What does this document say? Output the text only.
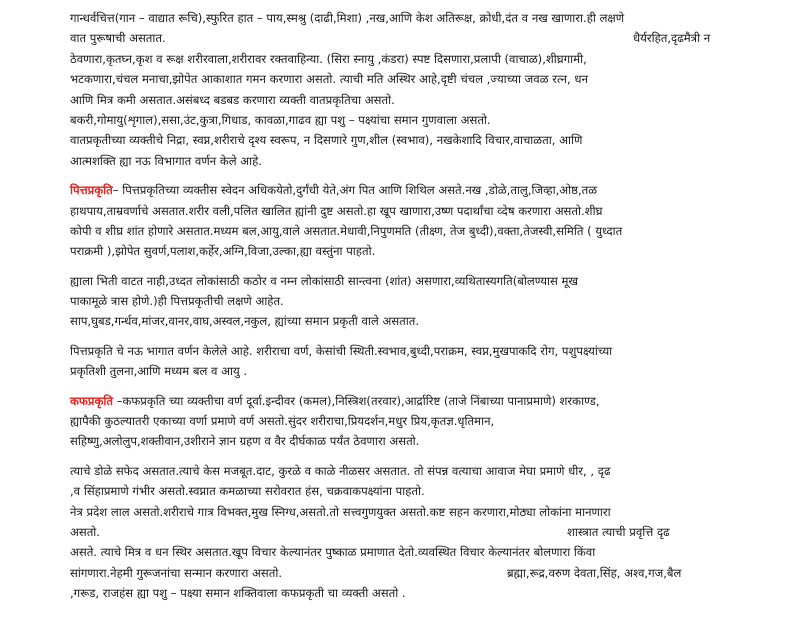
गान्धर्वचित्त(गान – वाद्यात रूचि),स्फुरित हात – पाय,स्मश्रु (दाढी,मिशा) ,नख,आणि केश अतिरूक्ष, क्रोधी,दंत व नख खाणारा.ही लक्षणे
वात पुरूषाची असतात.	धैर्यरहित,दृढमैत्री न
ठेवणारा,कृतघ्न,कृश व रूक्ष शरीरवाला,शरीरावर रक्तवाहिन्या. (सिरा स्नायु ,कंडरा) स्पष्ट दिसणारा,प्रलापी (वाचाळ),शीघ्रगामी,
भटकणारा,चंचल मनाचा,झोपेत आकाशात गमन करणारा असतो. त्याची मति अस्थिर आहे,दृष्टी चंचल ,ज्याच्या जवळ रत्न, धन
आणि मित्र कमी असतात.असंबध्द बडबड करणारा व्यक्ती वातप्रकृतिचा असतो.
बकरी,गोमायु(शृगाल),ससा,उंट,कुत्रा,गिधाड, कावळा,गाढव ह्या पशु – पक्ष्यांचा समान गुणवाला असतो.
वातप्रकृतीच्या व्यक्तीचे निद्रा, स्वप्न,शरीराचे दृश्य स्वरूप, न दिसणारे गुण,शील (स्वभाव), नखकेशादि विचार,वाचाळता, आणि
आत्मशक्ति ह्या नऊ विभागात वर्णन केले आहे.
पित्तप्रकृति– पित्तप्रकृतिच्या व्यक्तीस स्वेदन अधिकयेतो,दुर्गंधी येते,अंग पित आणि शिथिल असते.नख ,डोळे,तालु,जिव्हा,ओष्ठ,तळ
हाथपाय,ताम्रवर्णाचे असतात.शरीर वली,पलित खालित ह्यांनी दुष्ट असतो.हा खूप खाणारा,उष्ण पदार्थांचा व्देष करणारा असतो.शीघ्र
कोपी व शीघ्र शांत होणारे असतात.मध्यम बल,आयु,वाले असतात.मेधावी,निपुणमति (तीक्ष्ण, तेज बुध्दी),वक्ता,तेजस्वी,समिति ( युध्दात
पराक्रमी ),झोपेत सुवर्ण,पलाश,कर्हेर,अग्नि,विजा,उल्का,ह्या वस्तुंना पाहतो.
ह्याला भिती वाटत नाही,उध्दत लोकांसाठी कठोर व नम्न लोकांसाठी सान्त्वना (शांत) असणारा,व्यथितास्यगति(बोलण्यास मूख
पाकामूळे त्रास होणे.)ही पित्तप्रकृतीची लक्षणे आहेत.
साप,घुबड,गर्न्धव,मांजर,वानर,वाघ,अस्वल,नकुल, ह्यांच्या समान प्रकृती वाले असतात.
पित्तप्रकृति चे नऊ भागात वर्णन केलेले आहे. शरीराचा वर्ण, केसांची स्थिती.स्वभाव,बुध्दी,पराक्रम, स्वप्न,मुखपाकदि रोग, पशुपक्ष्यांच्या
प्रकृतिशी तुलना,आणि मध्यम बल व आयु .
कफप्रकृति –कफप्रकृति च्या व्यक्तीचा वर्ण दूर्वा.इन्दीवर (कमल),निस्त्रिश(तरवार),आर्द्रारिष्ट (ताजे निंबाच्या पानाप्रमाणे) शरकाण्ड,
ह्यापैकी कुठल्यातरी एकाच्या वर्णा प्रमाणे वर्ण असतो.सुंदर शरीराचा,प्रियदर्शन,मधुर प्रिय,कृतज्ञ.धृतिमान,
सहिष्णु,अलोलुप,शक्तीवान,उशीराने ज्ञान ग्रहण व वैर दीर्घकाळ पर्यंत ठेवणारा असतो.
त्याचे डोळे सफेद असतात.त्याचे केस मजबूत.दाट, कुरळे व काळे नीळसर असतात. तो संपन्न वत्याचा आवाज मेघा प्रमाणे धीर, , दृढ
,व सिंहाप्रमाणे गंभीर असतो.स्वप्नात कमळाच्या सरोवरात हंस, चक्रवाकपक्ष्यांना पाहतो.
नेत्र प्रदेश लाल असतो.शरीराचे गात्र विभक्त,मुख स्निग्ध,असतो.तो सत्त्वगुणयुक्त असतो.कष्ट सहन करणारा,मोठ्या लोकांना मानणारा
असतो.	शास्त्रात त्याची प्रवृत्ति दृढ
असते. त्याचे मित्र व धन स्थिर असतात.खूप विचार केल्यानंतर पुष्काळ प्रमाणात देतो.व्यवस्थित विचार केल्यानंतर बोलणारा किंवा
सांगणारा.नेहमी गुरूजनांचा सन्मान करणारा असतो.	ब्रह्मा,रूद्र,वरुण देवता,सिंह, अश्व,गज,बैल
,गरूड, राजहंस ह्या पशु – पक्ष्या समान शक्तिवाला कफप्रकृती चा व्यक्ती असतो .
